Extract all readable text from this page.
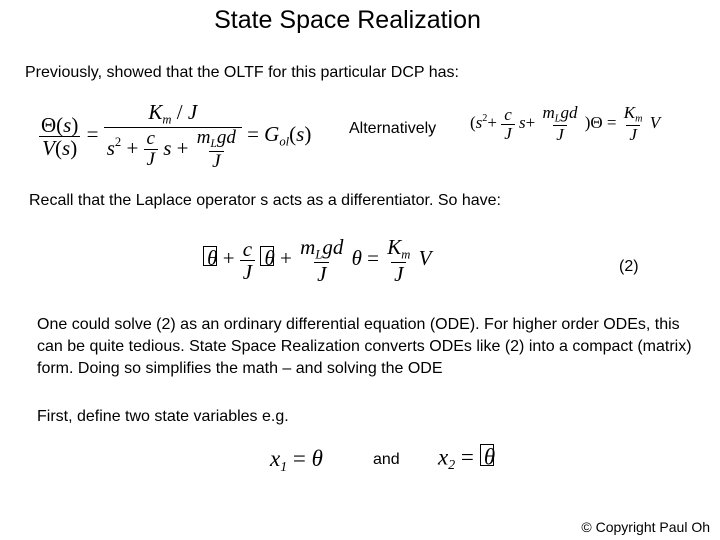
State Space Realization
Previously, showed that the OLTF for this particular DCP has:
$\frac{\Theta(s)}{V(s)} = \frac{K_m / J}{s^2 + \frac{c}{J} s + \frac{m_Lgd}{J}} = G_{ol}(s)$ Alternatively $(s^2+ \frac{c}{J} s+ \frac{m_Lgd}{J} )\Theta = \frac{K_m}{J}$ V
Recall that the Laplace operator s acts as a differentiator. So have:
$\theta + \frac{c}{J}$ $\theta + \frac{m_Lgd}{J}$ $\theta = \frac{K_m}{J}$ V	(2)
One could solve (2) as an ordinary differential equation (ODE). For higher order ODEs, this can be quite tedious. State Space Realization converts ODEs like (2) into a compact (matrix) form. Doing so simplifies the math – and solving the ODE
First, define two state variables e.g.
$x_1 = \theta$	and $x_2 = \theta$
© Copyright Paul Oh
